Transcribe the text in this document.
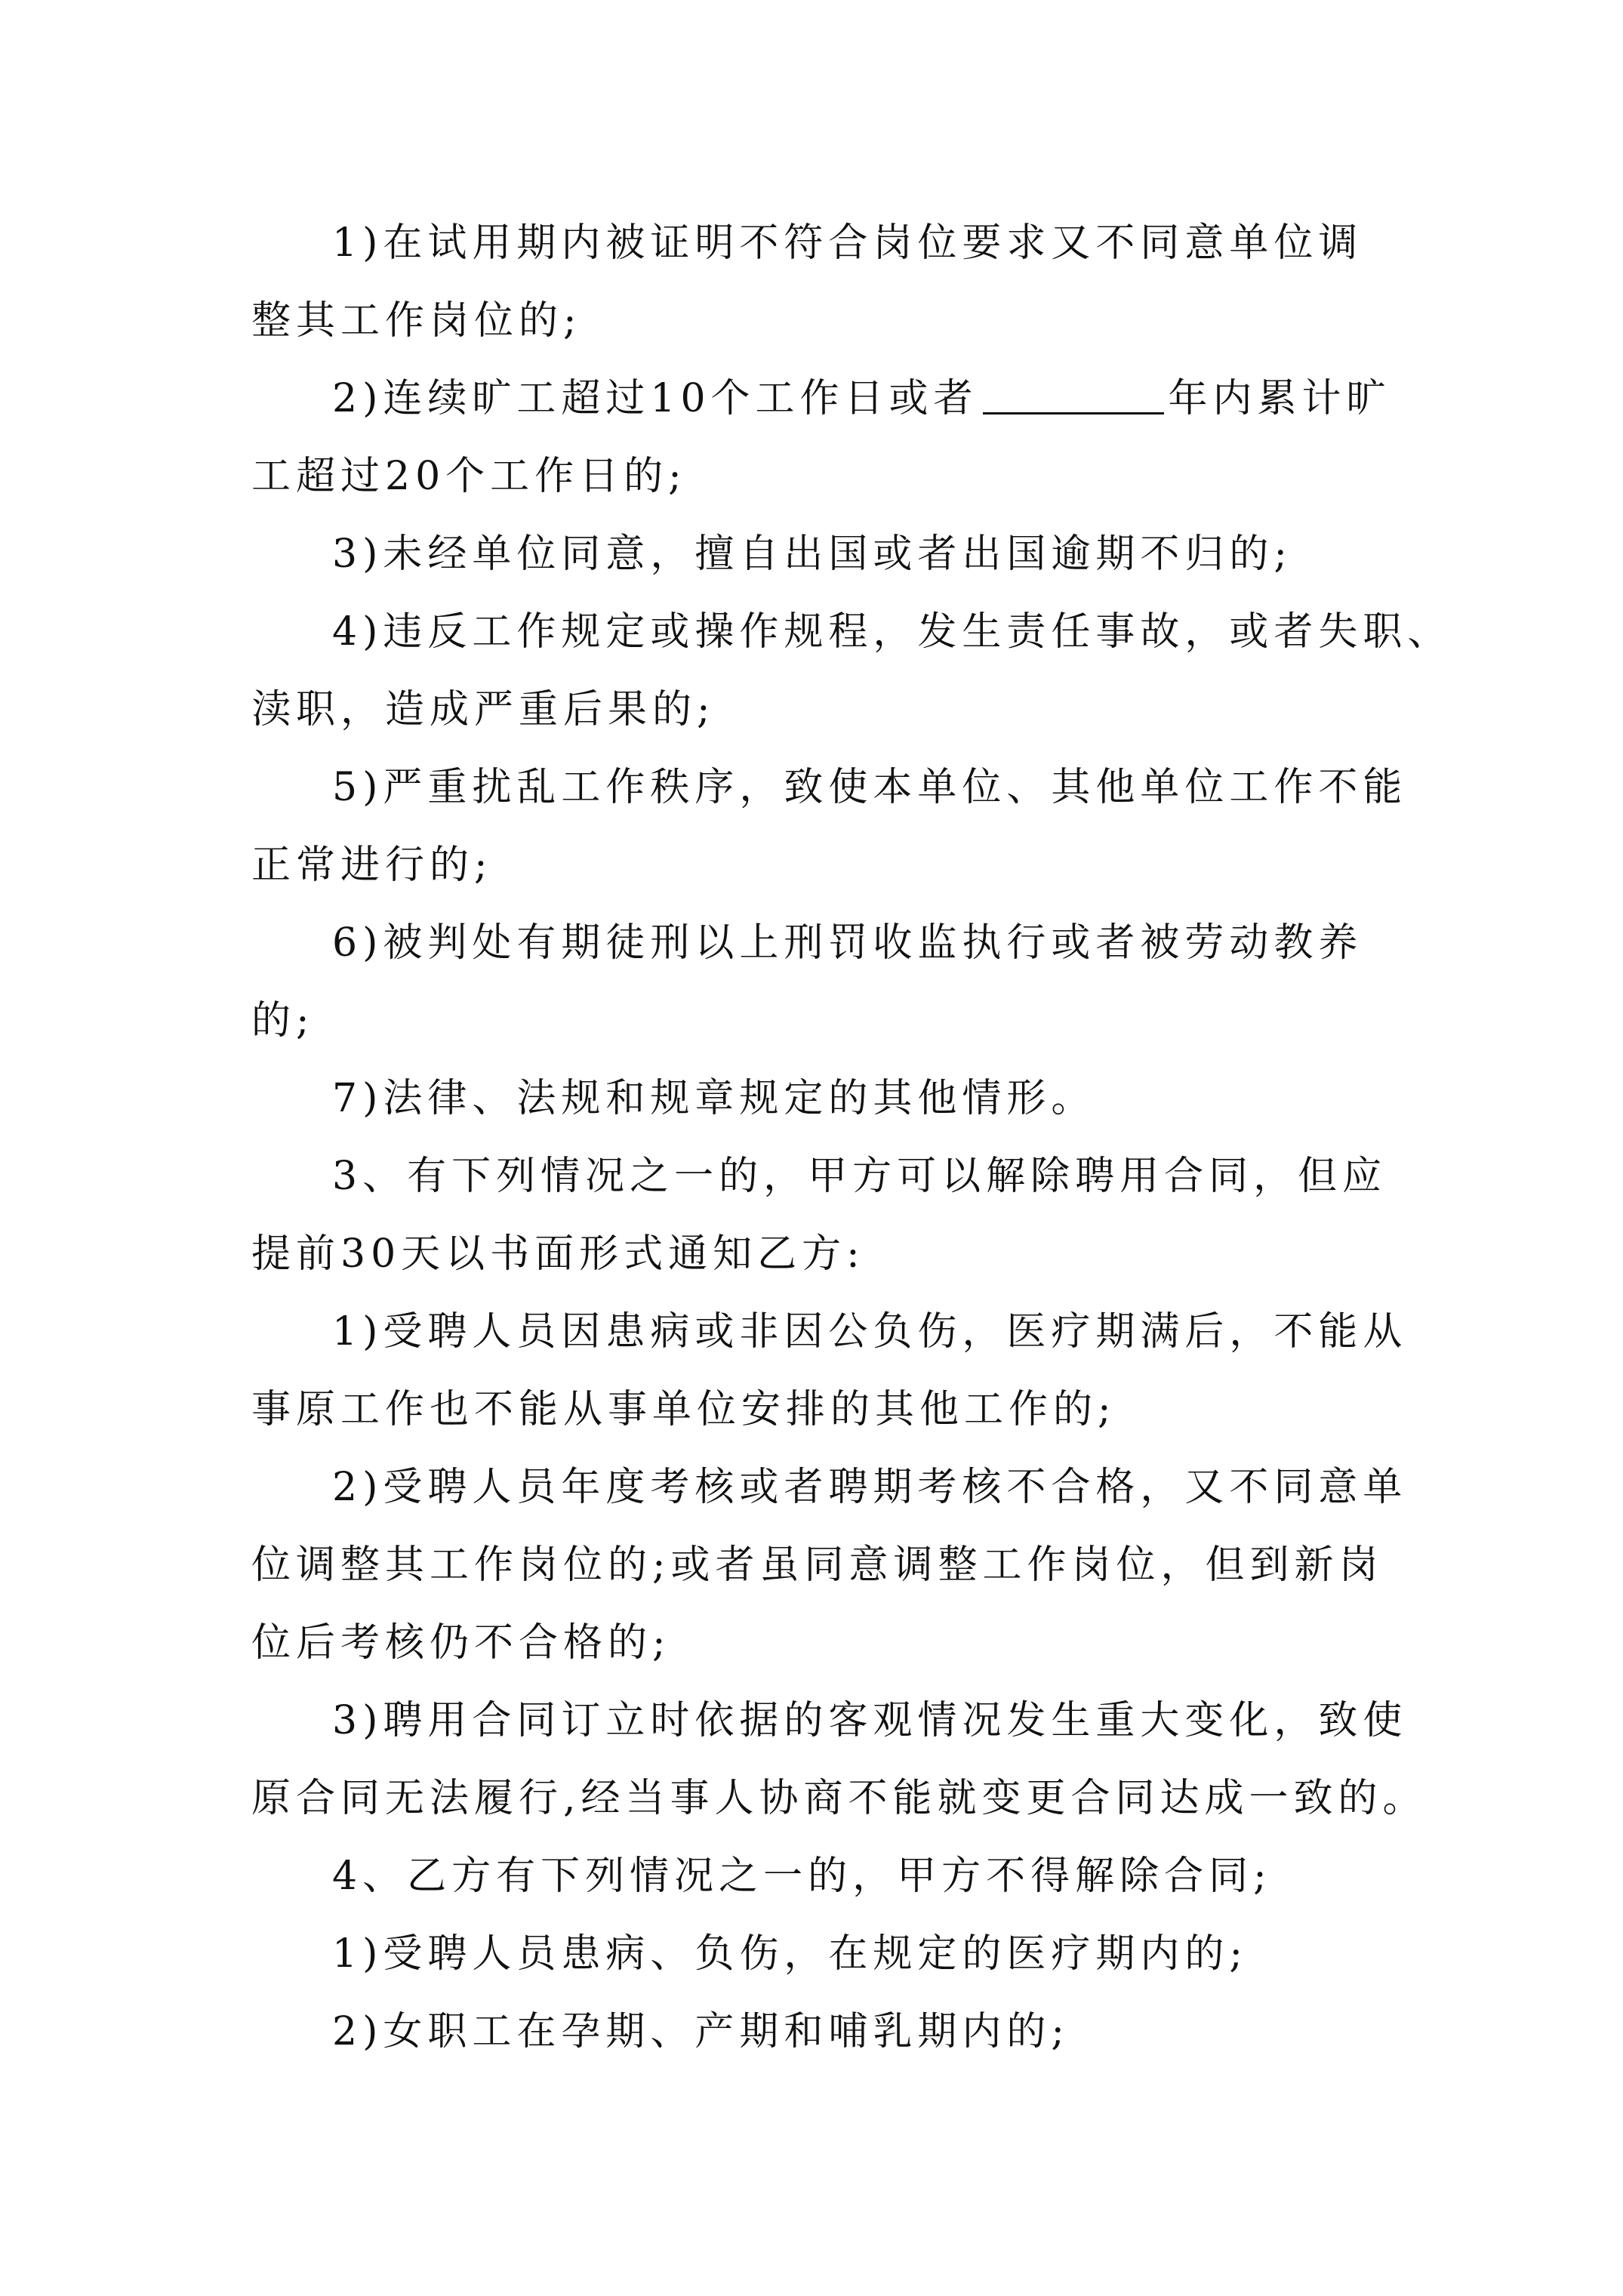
1)在试用期内被证明不符合岗位要求又不同意单位调
整其工作岗位的;
2)连续旷工超过10个工作日或者	年内累计旷
工超过20个工作日的;
3)未经单位同意，擅自出国或者出国逾期不归的;
4)违反工作规定或操作规程，发生责任事故，或者失职、
渎职，造成严重后果的;
5)严重扰乱工作秩序，致使本单位、其他单位工作不能
正常进行的;
6)被判处有期徒刑以上刑罚收监执行或者被劳动教养
的;
7)法律、法规和规章规定的其他情形。
3、有下列情况之一的，甲方可以解除聘用合同，但应
提前30天以书面形式通知乙方:
1)受聘人员因患病或非因公负伤，医疗期满后，不能从
事原工作也不能从事单位安排的其他工作的;
2)受聘人员年度考核或者聘期考核不合格，又不同意单
位调整其工作岗位的;或者虽同意调整工作岗位，但到新岗
位后考核仍不合格的;
3)聘用合同订立时依据的客观情况发生重大变化，致使
原合同无法履行,经当事人协商不能就变更合同达成一致的。
4、乙方有下列情况之一的，甲方不得解除合同;
1)受聘人员患病、负伤，在规定的医疗期内的;
2)女职工在孕期、产期和哺乳期内的;
